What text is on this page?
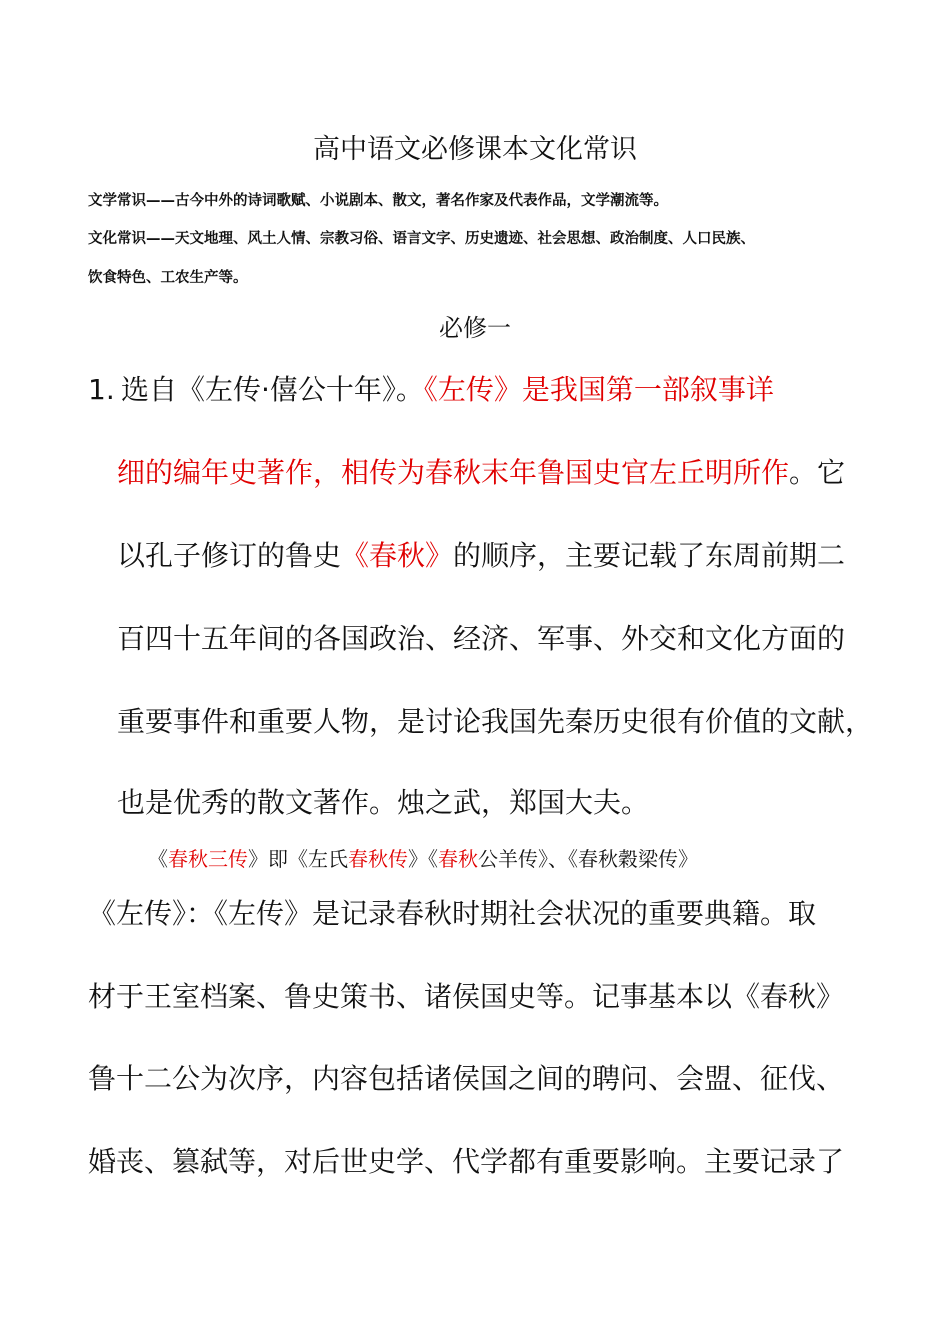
高中语文必修课本文化常识
文学常识——古今中外的诗词歌赋、小说剧本、散文，著名作家及代表作品，文学潮流等。
文化常识——天文地理、风土人情、宗教习俗、语言文字、历史遗迹、社会思想、政治制度、人口民族、
饮食特色、工农生产等。
必修一
1. 选自《左传·僖公十年》。《左传》是我国第一部叙事详
细的编年史著作，相传为春秋末年鲁国史官左丘明所作。它
以孔子修订的鲁史《春秋》的顺序，主要记载了东周前期二
百四十五年间的各国政治、经济、军事、外交和文化方面的
重要事件和重要人物，是讨论我国先秦历史很有价值的文献，
也是优秀的散文著作。烛之武，郑国大夫。
《春秋三传》即《左氏春秋传》《春秋公羊传》、《春秋穀梁传》
《左传》：《左传》是记录春秋时期社会状况的重要典籍。取
材于王室档案、鲁史策书、诸侯国史等。记事基本以《春秋》
鲁十二公为次序，内容包括诸侯国之间的聘问、会盟、征伐、
婚丧、篡弑等，对后世史学、代学都有重要影响。主要记录了
